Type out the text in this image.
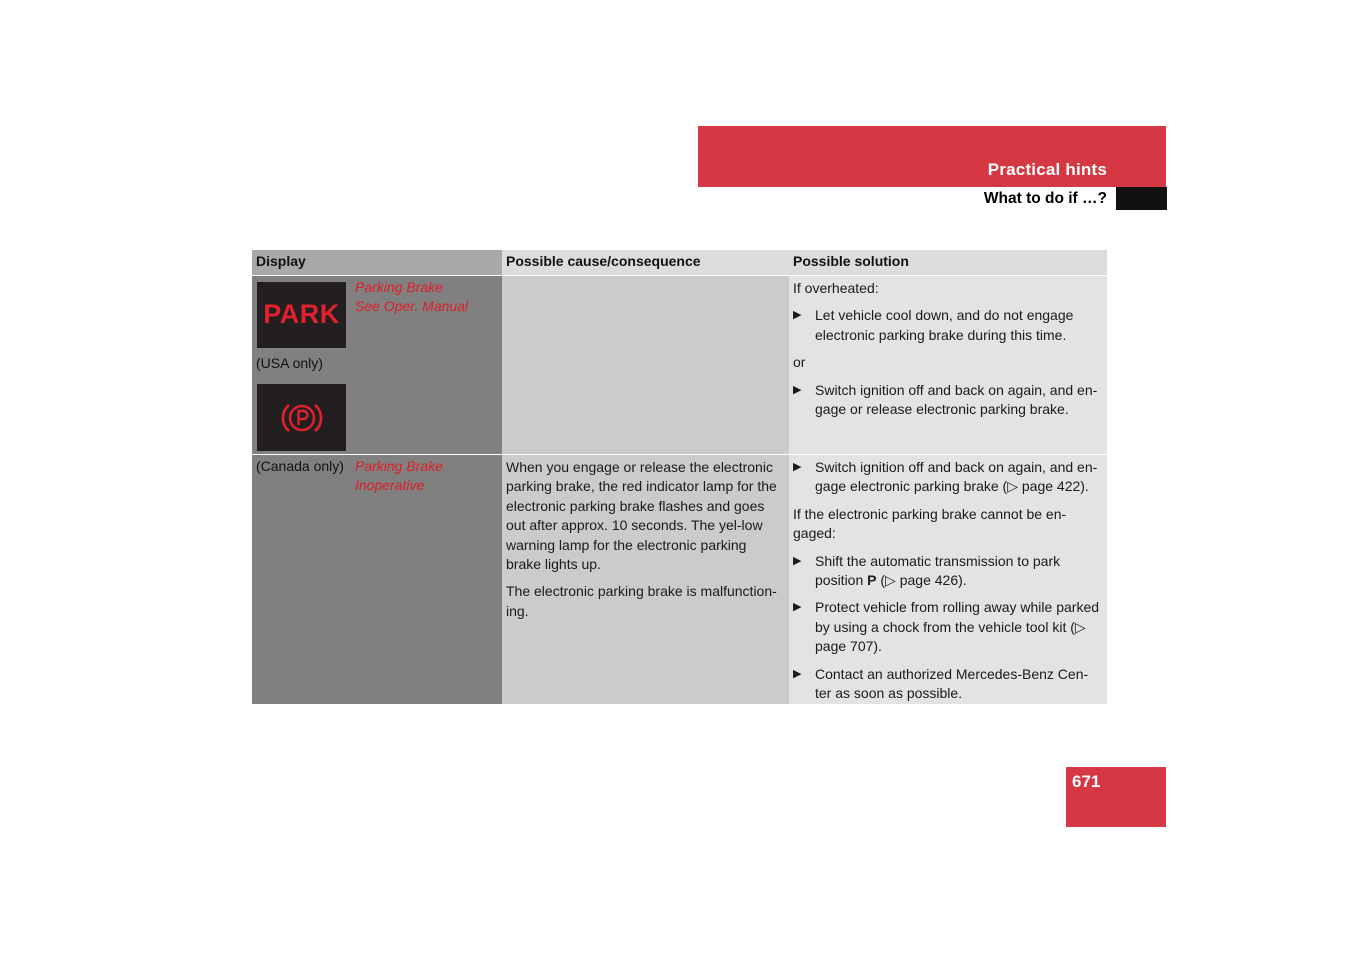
Practical hints
What to do if …?
Display	Possible cause/consequence	Possible solution
PARK
Parking Brake
See Oper. Manual
(USA only)

If overheated:

▶ Let vehicle cool down, and do not engage electronic parking brake during this time.

or

▶ Switch ignition off and back on again, and en-gage or release electronic parking brake.
(Canada only) Parking Brake
Inoperative

When you engage or release the electronic parking brake, the red indicator lamp for the electronic parking brake flashes and goes out after approx. 10 seconds. The yel-low warning lamp for the electronic parking brake lights up.

The electronic parking brake is malfunction-ing.

▶ Switch ignition off and back on again, and en-gage electronic parking brake (▷ page 422).

If the electronic parking brake cannot be en-gaged:

▶ Shift the automatic transmission to park position P (▷ page 426).
▶ Protect vehicle from rolling away while parked by using a chock from the vehicle tool kit (▷ page 707).
▶ Contact an authorized Mercedes-Benz Cen-ter as soon as possible.
671
